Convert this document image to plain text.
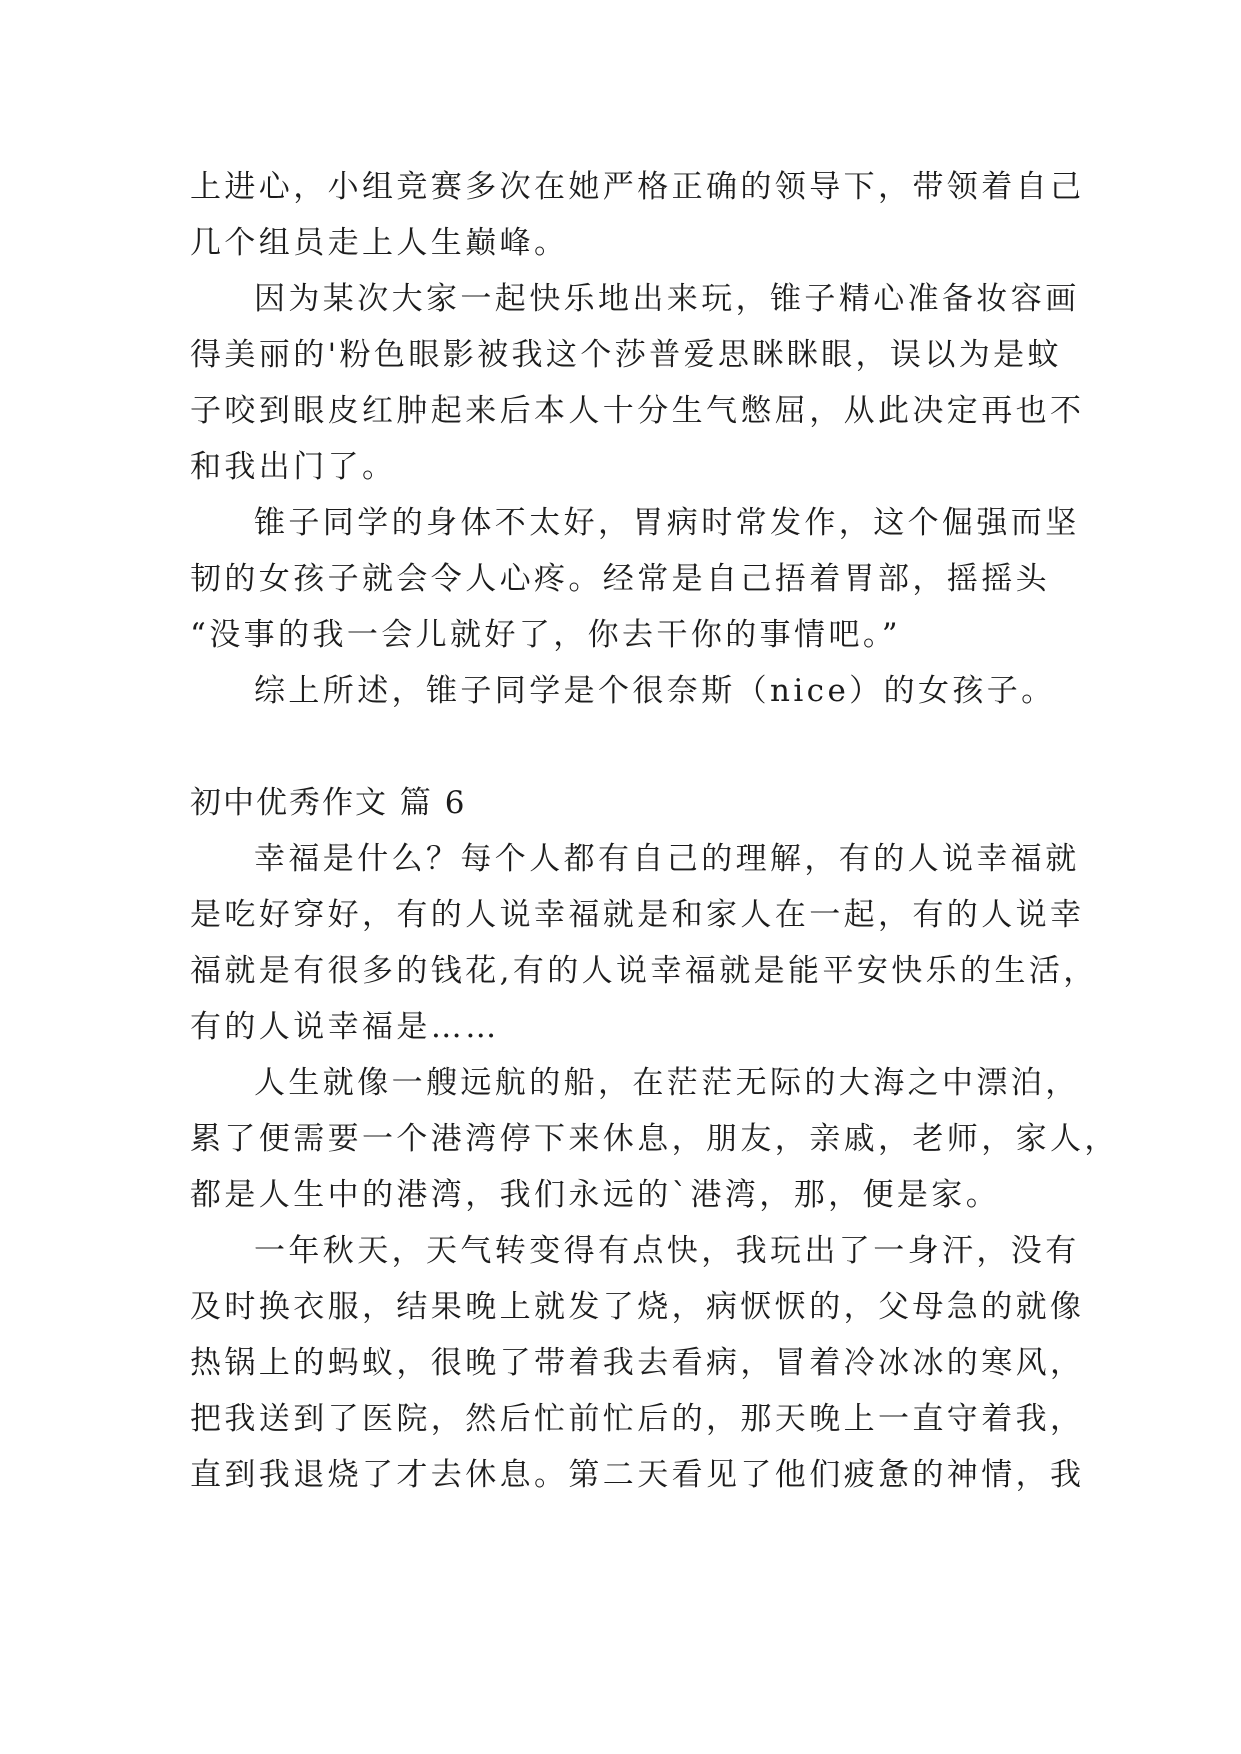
上进心，小组竞赛多次在她严格正确的领导下，带领着自己
几个组员走上人生巅峰。
因为某次大家一起快乐地出来玩，锥子精心准备妆容画
得美丽的'粉色眼影被我这个莎普爱思眯眯眼，误以为是蚊
子咬到眼皮红肿起来后本人十分生气憋屈，从此决定再也不
和我出门了。
锥子同学的身体不太好，胃病时常发作，这个倔强而坚
韧的女孩子就会令人心疼。经常是自己捂着胃部，摇摇头
“没事的我一会儿就好了，你去干你的事情吧。”
综上所述，锥子同学是个很奈斯（nice）的女孩子。
初中优秀作文 篇 6
幸福是什么？每个人都有自己的理解，有的人说幸福就
是吃好穿好，有的人说幸福就是和家人在一起，有的人说幸
福就是有很多的钱花,有的人说幸福就是能平安快乐的生活，
有的人说幸福是……
人生就像一艘远航的船，在茫茫无际的大海之中漂泊，
累了便需要一个港湾停下来休息，朋友，亲戚，老师，家人，
都是人生中的港湾，我们永远的`港湾，那，便是家。
一年秋天，天气转变得有点快，我玩出了一身汗，没有
及时换衣服，结果晚上就发了烧，病恹恹的，父母急的就像
热锅上的蚂蚁，很晚了带着我去看病，冒着冷冰冰的寒风，
把我送到了医院，然后忙前忙后的，那天晚上一直守着我，
直到我退烧了才去休息。第二天看见了他们疲惫的神情，我
